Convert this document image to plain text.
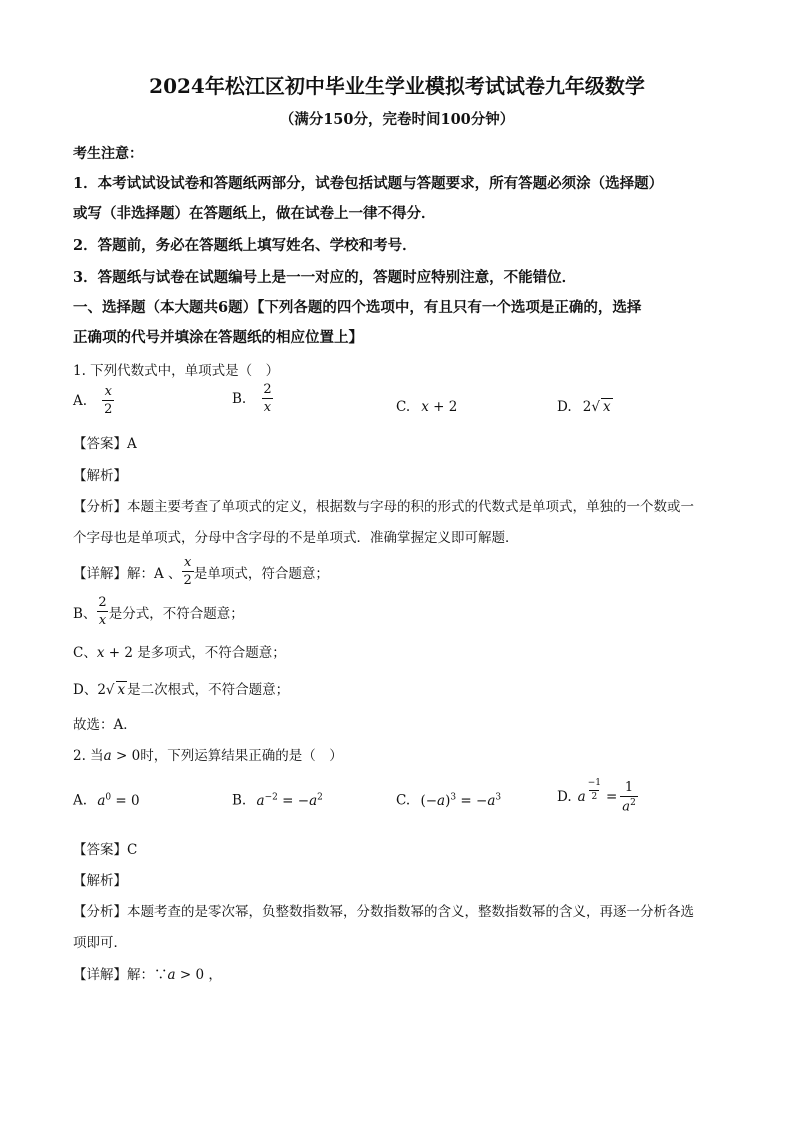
2024年松江区初中毕业生学业模拟考试试卷九年级数学
（满分150分，完卷时间100分钟）
考生注意：
1．本考试试设试卷和答题纸两部分，试卷包括试题与答题要求，所有答题必须涂（选择题）
或写（非选择题）在答题纸上，做在试卷上一律不得分．
2．答题前，务必在答题纸上填写姓名、学校和考号．
3．答题纸与试卷在试题编号上是一一对应的，答题时应特别注意，不能错位．
一、选择题（本大题共6题）【下列各题的四个选项中，有且只有一个选项是正确的，选择
正确项的代号并填涂在答题纸的相应位置上】
1. 下列代数式中，单项式是（　）
A. $\frac{x}{2}$	B. $\frac{2}{x}$	C. x + 2	D. 2√ x
【答案】A
【解析】
【分析】本题主要考查了单项式的定义，根据数与字母的积的形式的代数式是单项式，单独的一个数或一
个字母也是单项式，分母中含字母的不是单项式．准确掌握定义即可解题．
【详解】 解：A 、 $\frac{x}{2}$ 是单项式，符合题意；
B、 $\frac{2}{x}$ 是分式，不符合题意；
C、x + 2 是多项式，不符合题意；
D、2√ x 是二次根式，不符合题意；
故选：A．
2. 当a > 0时，下列运算结果正确的是（　）
A. $a^0 = 0$	B. $a^{-2} = -a^2$	C. $(-a)^3 = -a^3$	D. a $\frac{-1}{2} = \frac{1}{a^2}$
【答案】C
【解析】
【分析】本题考查的是零次幂，负整数指数幂，分数指数幂的含义，整数指数幂的含义，再逐一分析各选
项即可．
【详解】解：∵a > 0 ，
